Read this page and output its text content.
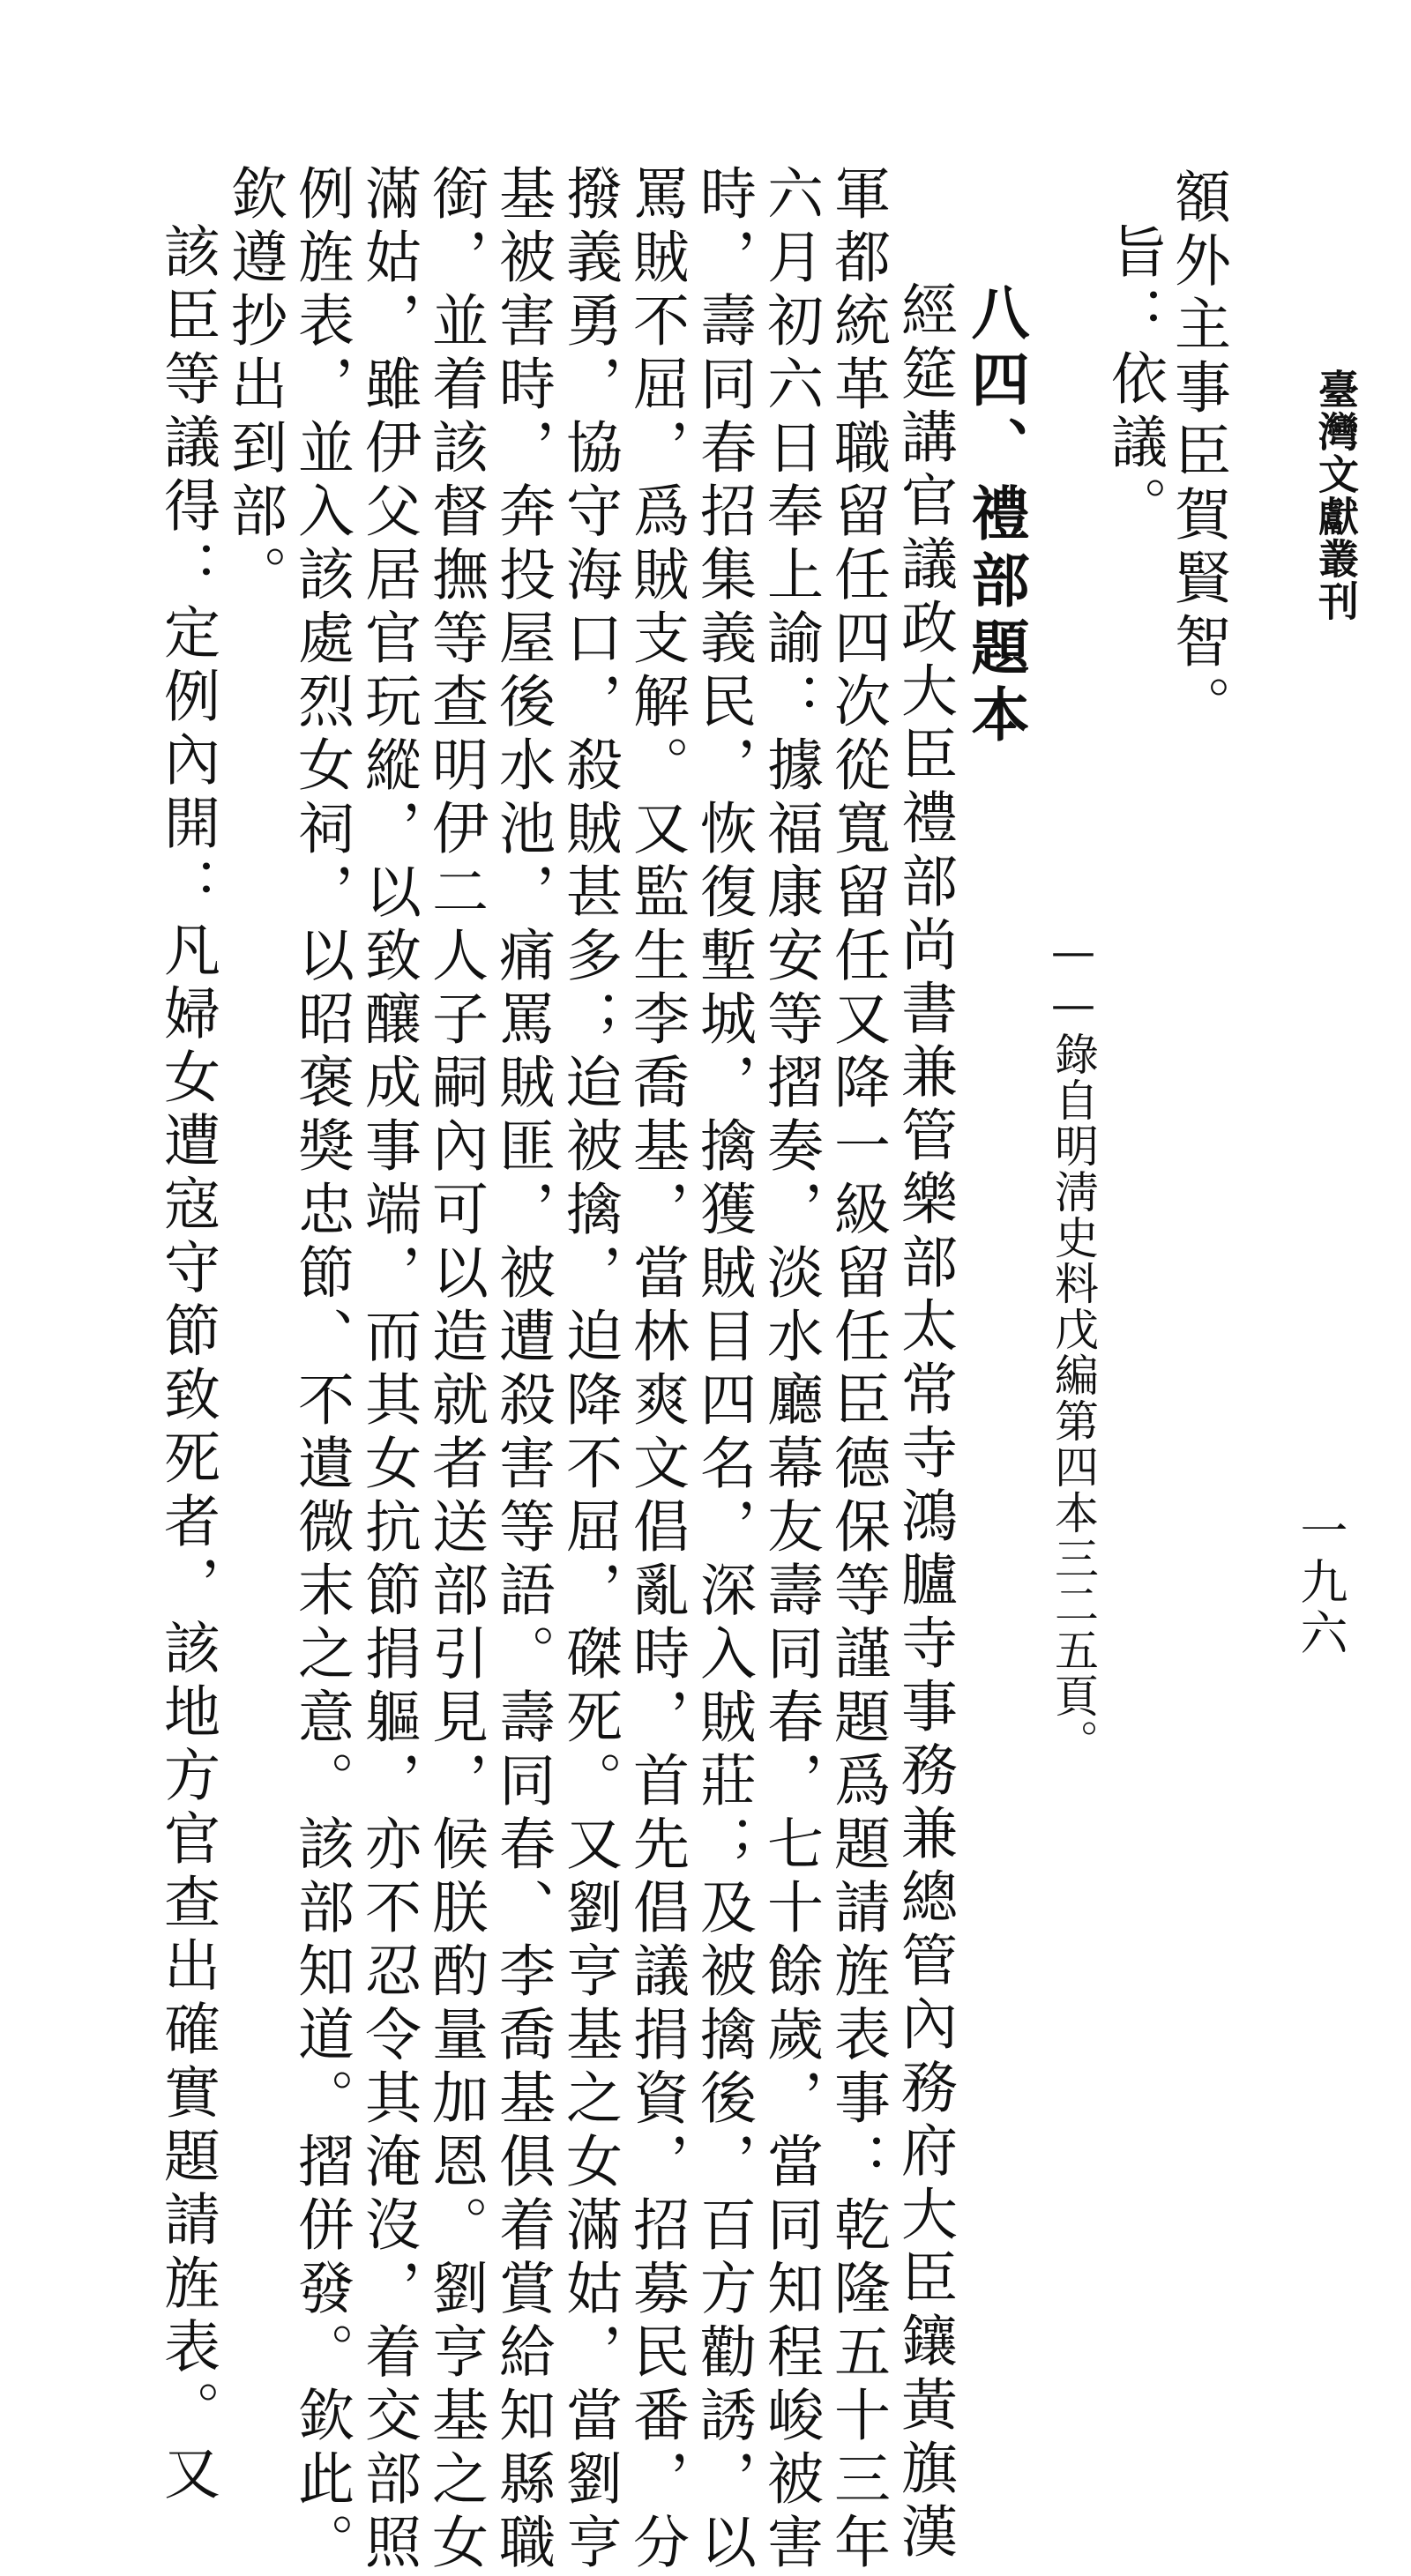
臺灣文獻叢刊
一九六
額外主事臣賀賢智。
旨：依議。
——錄自明淸史料戊編第四本三二五頁。
八四、禮部題本
經筵講官議政大臣禮部尚書兼管樂部太常寺鴻臚寺事務兼總管內務府大臣鑲黃旗漢
軍都統革職留任四次從寬留任又降一級留任臣德保等謹題爲題請旌表事：乾隆五十三年
六月初六日奉上諭：據福康安等摺奏，淡水廳幕友壽同春，七十餘歲，當同知程峻被害
時，壽同春招集義民，恢復塹城，擒獲賊目四名，深入賊莊；及被擒後，百方勸誘，以
罵賊不屈，爲賊支解。又監生李喬基，當林爽文倡亂時，首先倡議捐資，招募民番，分
撥義勇，協守海口，殺賊甚多；迨被擒，迫降不屈，磔死。又劉亨基之女滿姑，當劉亨
基被害時，奔投屋後水池，痛罵賊匪，被遭殺害等語。壽同春、李喬基俱着賞給知縣職
銜，並着該督撫等查明伊二人子嗣內可以造就者送部引見，候朕酌量加恩。劉亨基之女
滿姑，雖伊父居官玩縱，以致釀成事端，而其女抗節捐軀，亦不忍令其淹沒，着交部照
例旌表，並入該處烈女祠，以昭褒獎忠節、不遺微末之意。該部知道。摺併發。欽此。
欽遵抄出到部。
該臣等議得：定例內開：凡婦女遭寇守節致死者，該地方官查出確實題請旌表。又
